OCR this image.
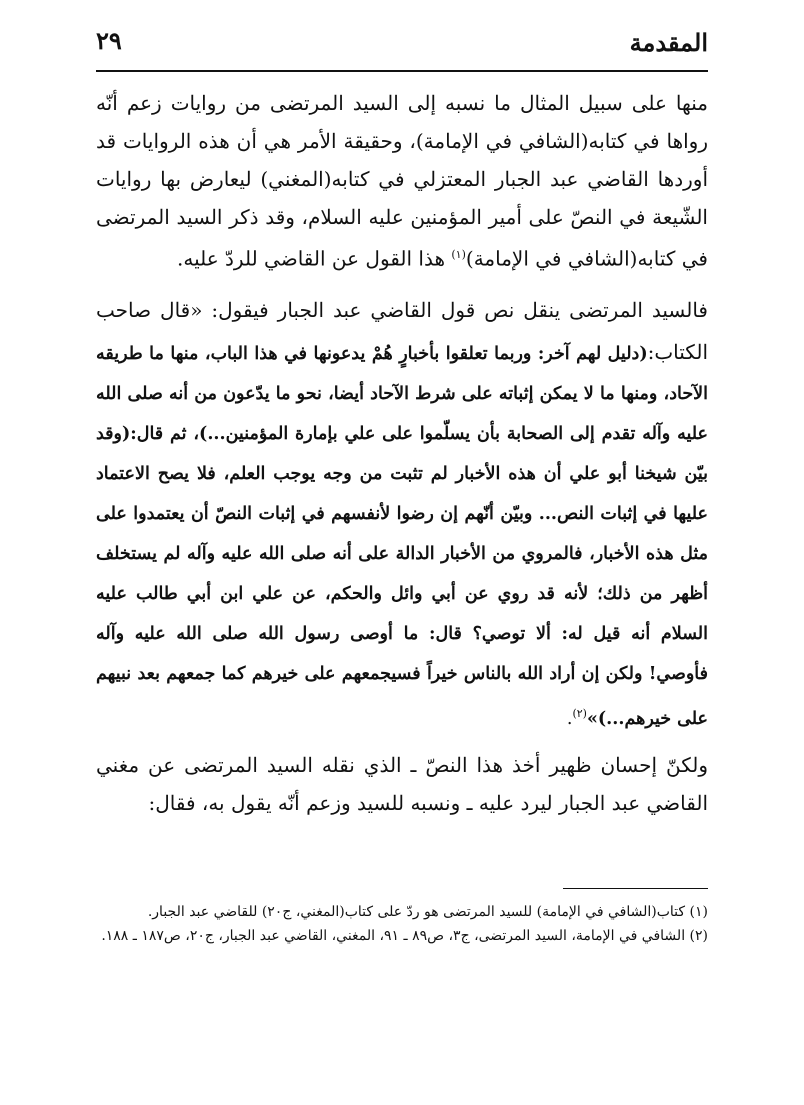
المقدمة
٢٩

منها على سبيل المثال ما نسبه إلى السيد المرتضى من روايات زعم أنّه رواها في كتابه(الشافي في الإمامة)، وحقيقة الأمر هي أن هذه الروايات قد أوردها القاضي عبد الجبار المعتزلي في كتابه(المغني) ليعارض بها روايات الشّيعة في النصّ على أمير المؤمنين عليه السلام، وقد ذكر السيد المرتضى في كتابه(الشافي في الإمامة)$^{(١)}$ هذا القول عن القاضي للردّ عليه.

فالسيد المرتضى ينقل نص قول القاضي عبد الجبار فيقول: «قال صاحب الكتاب:(دليل لهم آخر: وربما تعلقوا بأخبارٍ هُمْ يدعونها في هذا الباب، منها ما طريقه الآحاد، ومنها ما لا يمكن إثباته على شرط الآحاد أيضا، نحو ما يدّعون من أنه صلى الله عليه وآله تقدم إلى الصحابة بأن يسلّموا على علي بإمارة المؤمنين...)، ثم قال:(وقد بيّن شيخنا أبو علي أن هذه الأخبار لم تثبت من وجه يوجب العلم، فلا يصح الاعتماد عليها في إثبات النص... وبيّن أنّهم إن رضوا لأنفسهم في إثبات النصّ أن يعتمدوا على مثل هذه الأخبار، فالمروي من الأخبار الدالة على أنه صلى الله عليه وآله لم يستخلف أظهر من ذلك؛ لأنه قد روي عن أبي وائل والحكم، عن علي ابن أبي طالب عليه السلام أنه قيل له: ألا توصي؟ قال: ما أوصى رسول الله صلى الله عليه وآله فأوصي! ولكن إن أراد الله بالناس خيراً فسيجمعهم على خيرهم كما جمعهم بعد نبيهم على خيرهم...)»$^{(٢)}$.

ولكنّ إحسان ظهير أخذ هذا النصّ ـ الذي نقله السيد المرتضى عن مغني القاضي عبد الجبار ليرد عليه ـ ونسبه للسيد وزعم أنّه يقول به، فقال:

(١) كتاب(الشافي في الإمامة) للسيد المرتضى هو ردّ على كتاب(المغني، ج٢٠) للقاضي عبد الجبار.

(٢) الشافي في الإمامة، السيد المرتضى، ج٣، ص٨٩ ـ ٩١، المغني، القاضي عبد الجبار، ج٢٠، ص١٨٧ ـ ١٨٨.
